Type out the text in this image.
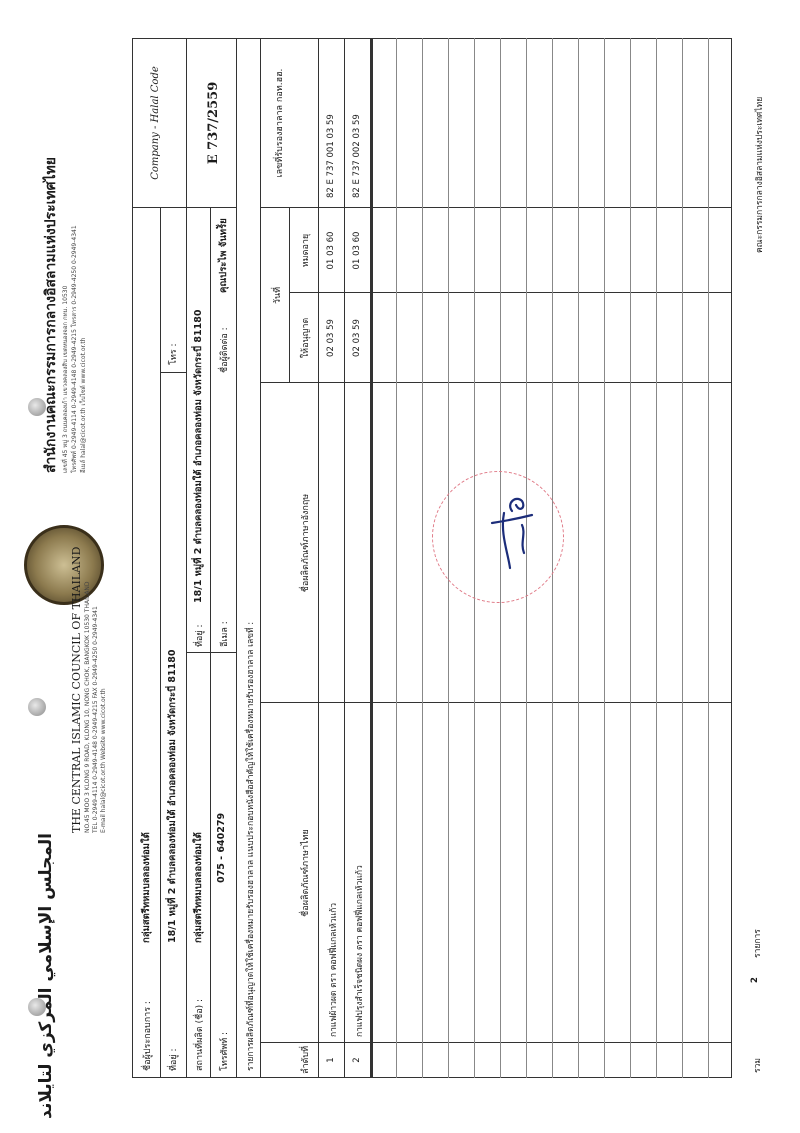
สำนักงานคณะกรรมการกลางอิสลามแห่งประเทศไทย เลขที่ 45 หมู่ 3 ถนนคลองเก้า แขวงคลองสิบ เขตหนองจอก กทม. 10530 โทรศัพท์ 0-2949-4114 0-2949-4148 0-2949-4215 โทรสาร 0-2949-4250 0-2949-4341 อีเมล์ halal@cicot.or.th เว็บไซต์ www.cicot.or.th
المجلس الإسلامي المركزي لتايلاند
THE CENTRAL ISLAMIC COUNCIL OF THAILAND NO.45 MOO 3 KLONG 9 ROAD, KLONG 10, NONG CHOK, BANGKOK 10530 THAILAND TEL 0-2949-4114 0-2949-4148 0-2949-4215 FAX 0-2949-4250 0-2949-4341 E-mail halal@cicot.or.th Website www.cicot.or.th
ชื่อผู้ประกอบการ :
กลุ่มสตรีทหมบลลองท่อมใต้
ที่อยู่ :
18/1 หมู่ที่ 2 ตำบลคลองท่อมใต้ อำเภอคลองท่อม จังหวัดกระบี่ 81180
โทร :
สถานที่ผลิต (ชื่อ) :
กลุ่มสตรีทหมบลลองท่อมใต้
ที่อยู่ :
18/1 หมู่ที่ 2 ตำบลคลองท่อมใต้ อำเภอคลองท่อม จังหวัดกระบี่ 81180
โทรศัพท์ :
075 - 640279
อีเมล :
ชื่อผู้ติดต่อ :
คุณประไพ จันทร์ัย
Company - Halal Code	E 737/2559
รายการผลิตภัณฑ์ที่อนุญาตให้ใช้เครื่องหมายรับรองฮาลาล แนบประกอบหนังสือสำคัญให้ใช้เครื่องหมายรับรองฮาลาล เลขที่ :	ลำดับที่
ชื่อผลิตภัณฑ์ภาษาไทย
ชื่อผลิตภัณฑ์ภาษาอังกฤษ
วันที่
ให้อนุญาต
หมดอายุ
เลขที่รับรองฮาลาล กอท.ฮฮ.
1
กาแฟผ้าวผด ตรา คอฟฟี่แกลเห้วแก้ว
02 03 59
01 03 60
82 E 737 001 03 59
2
กาแฟปรุงสำเร็จชนิดผง ตรา คอฟฟี่แกลเห้วแก้ว
02 03 59
01 03 60
82 E 737 002 03 59
รวม
2
รายการ
คณะกรรมการกลางอิสลามแห่งประเทศไทย
